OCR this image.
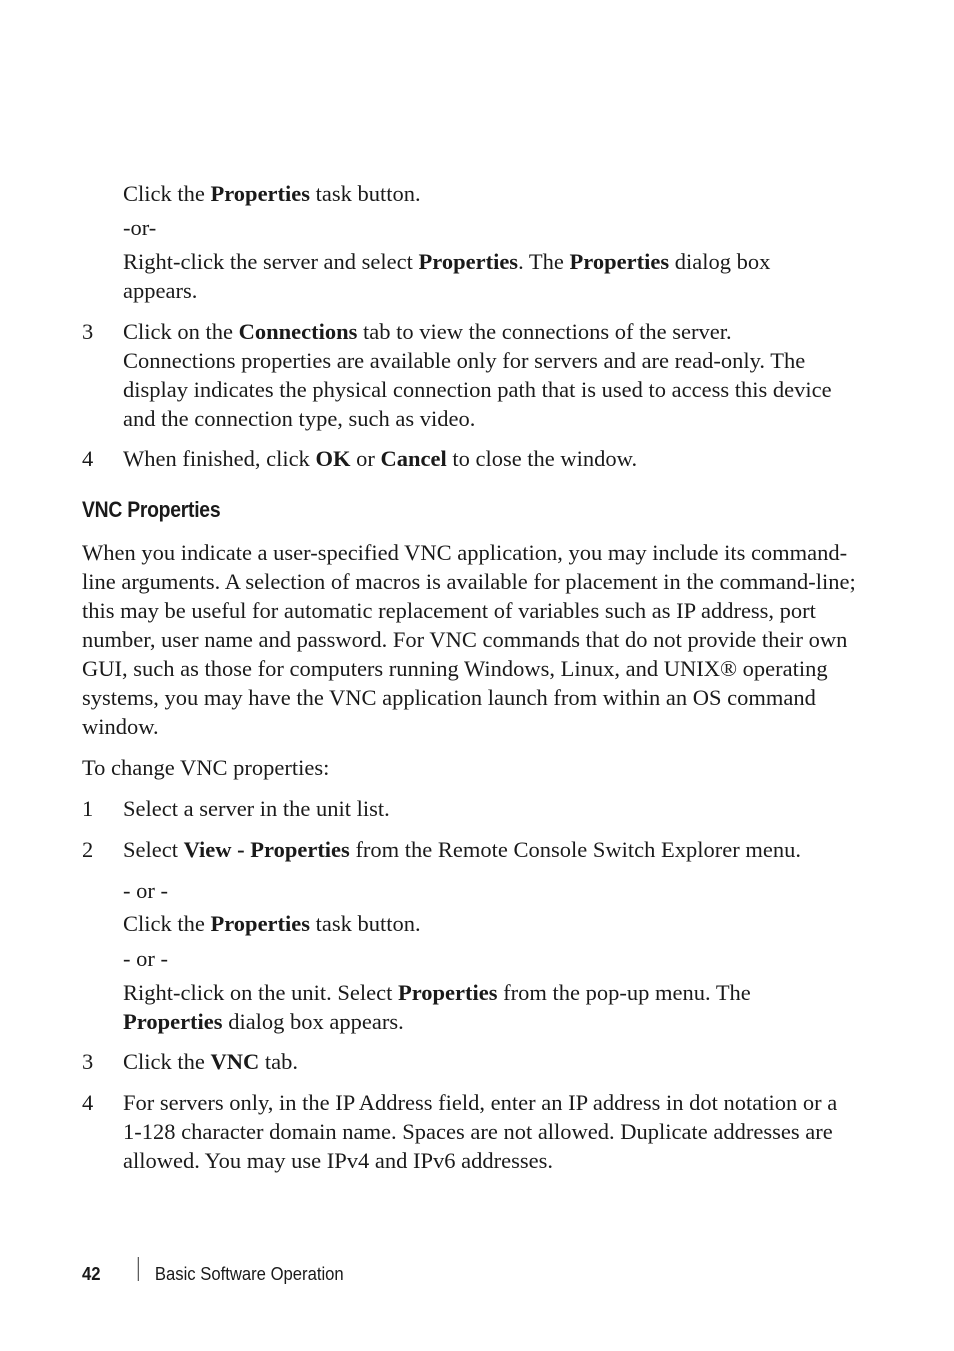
Click the Properties task button.

-or-

Right-click the server and select Properties. The Properties dialog box appears.

3	Click on the Connections tab to view the connections of the server. Connections properties are available only for servers and are read-only. The display indicates the physical connection path that is used to access this device and the connection type, such as video.

4	When finished, click OK or Cancel to close the window.

VNC Properties

When you indicate a user-specified VNC application, you may include its command-line arguments. A selection of macros is available for placement in the command-line; this may be useful for automatic replacement of variables such as IP address, port number, user name and password. For VNC commands that do not provide their own GUI, such as those for computers running Windows, Linux, and UNIX® operating systems, you may have the VNC application launch from within an OS command window.

To change VNC properties:

1	Select a server in the unit list.

2	Select View - Properties from the Remote Console Switch Explorer menu.

- or -

Click the Properties task button.

- or -

Right-click on the unit. Select Properties from the pop-up menu. The Properties dialog box appears.

3	Click the VNC tab.

4	For servers only, in the IP Address field, enter an IP address in dot notation or a 1-128 character domain name. Spaces are not allowed. Duplicate addresses are allowed. You may use IPv4 and IPv6 addresses.

42	Basic Software Operation
